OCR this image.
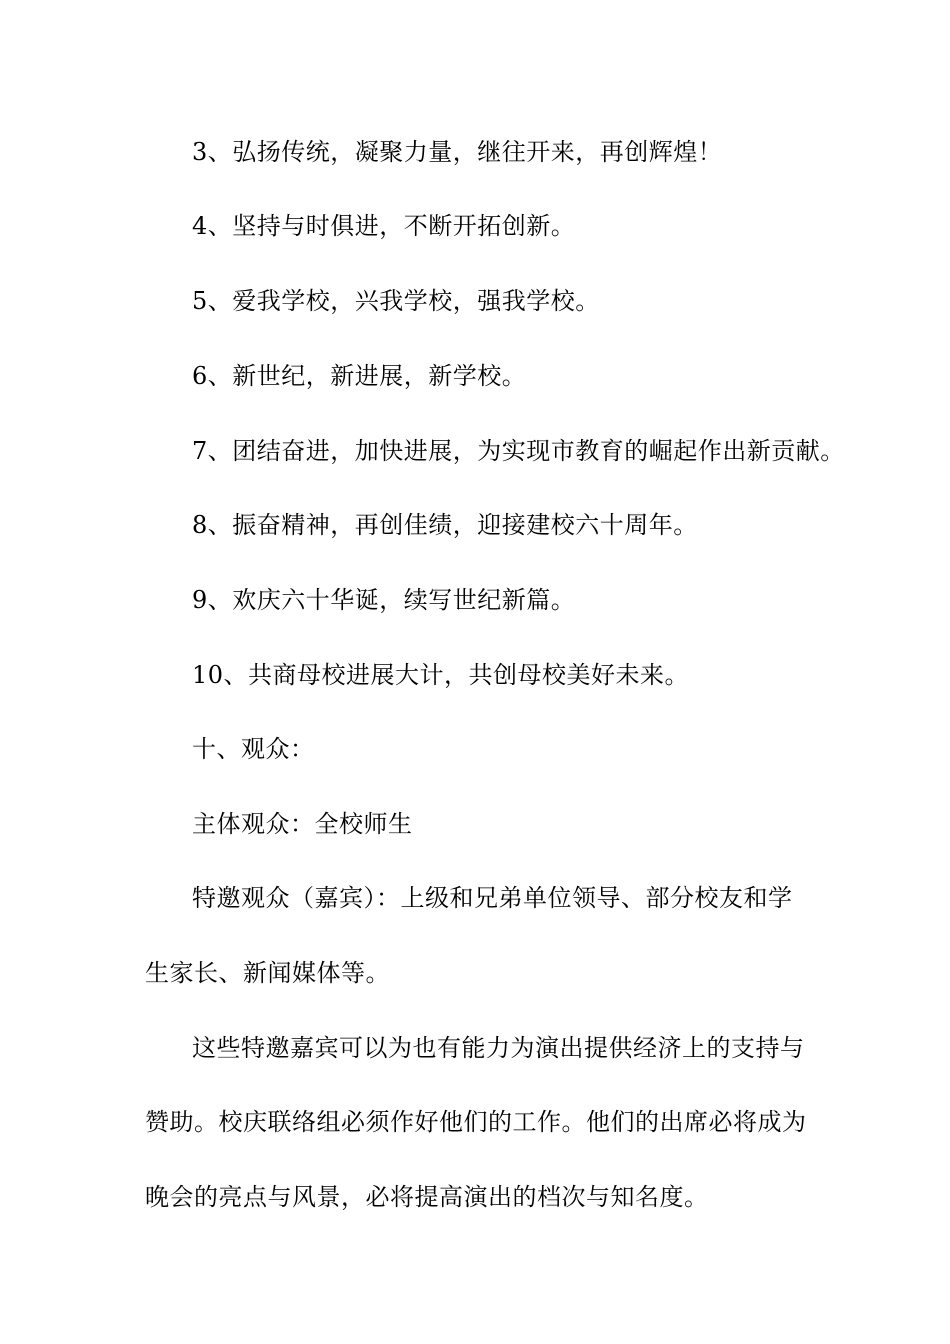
3、弘扬传统，凝聚力量，继往开来，再创辉煌！
4、坚持与时俱进，不断开拓创新。
5、爱我学校，兴我学校，强我学校。
6、新世纪，新进展，新学校。
7、团结奋进，加快进展，为实现市教育的崛起作出新贡献。
8、振奋精神，再创佳绩，迎接建校六十周年。
9、欢庆六十华诞，续写世纪新篇。
10、共商母校进展大计，共创母校美好未来。
十、观众：
主体观众：全校师生
特邀观众（嘉宾）：上级和兄弟单位领导、部分校友和学
生家长、新闻媒体等。
这些特邀嘉宾可以为也有能力为演出提供经济上的支持与
赞助。校庆联络组必须作好他们的工作。他们的出席必将成为
晚会的亮点与风景，必将提高演出的档次与知名度。
